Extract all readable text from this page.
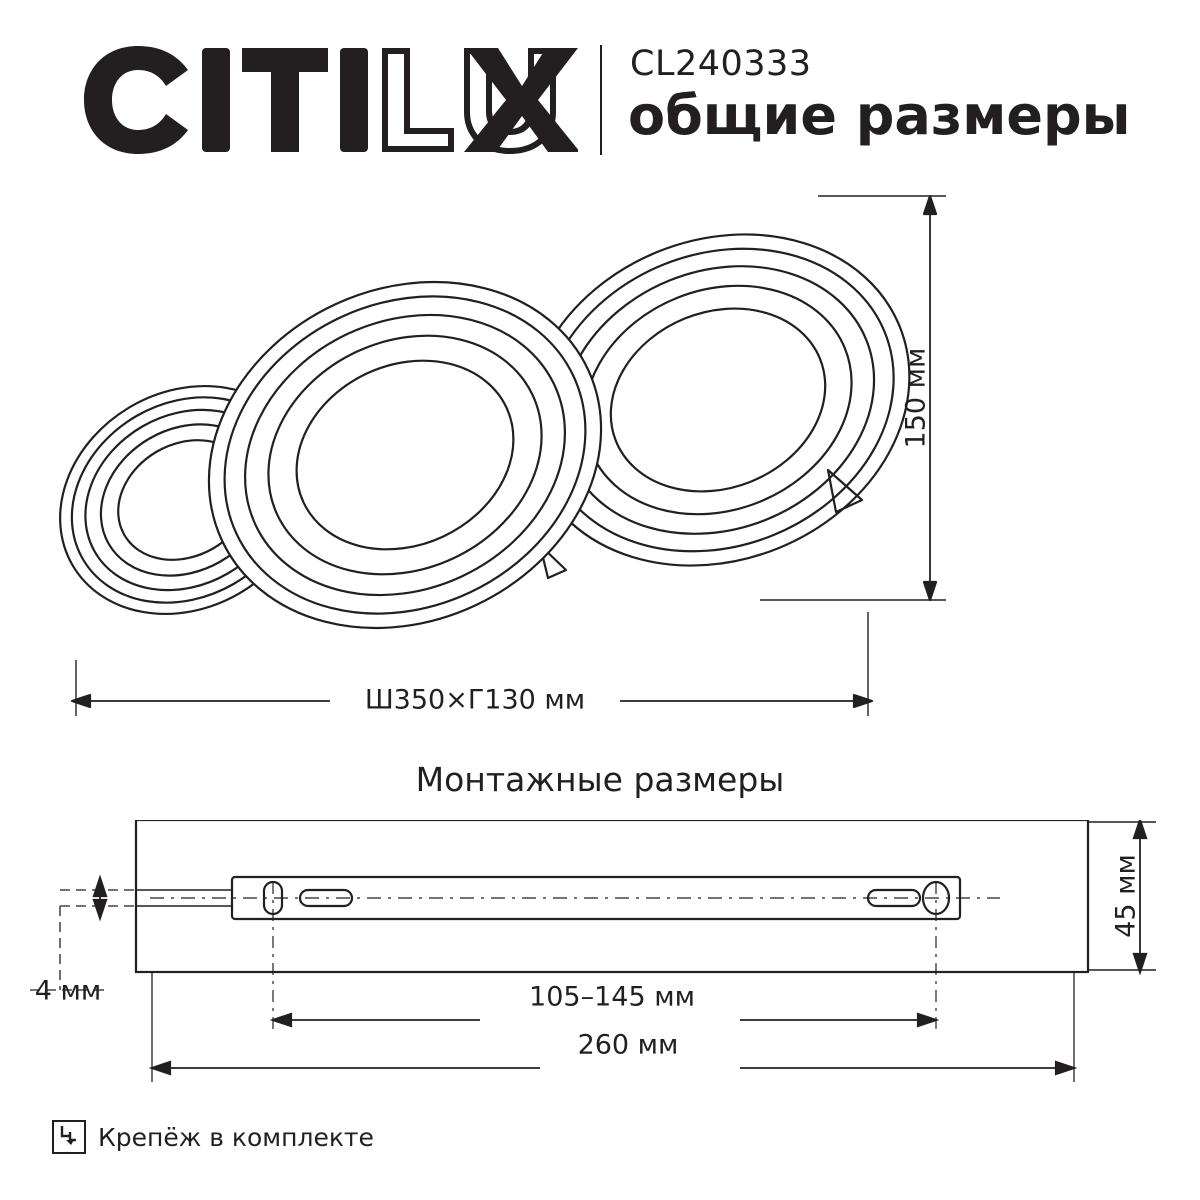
CL240333
общие размеры
Ш350×Г130 мм
150 мм
Монтажные размеры
105–145 мм
260 мм
45 мм
4 мм
Крепёж в комплекте
